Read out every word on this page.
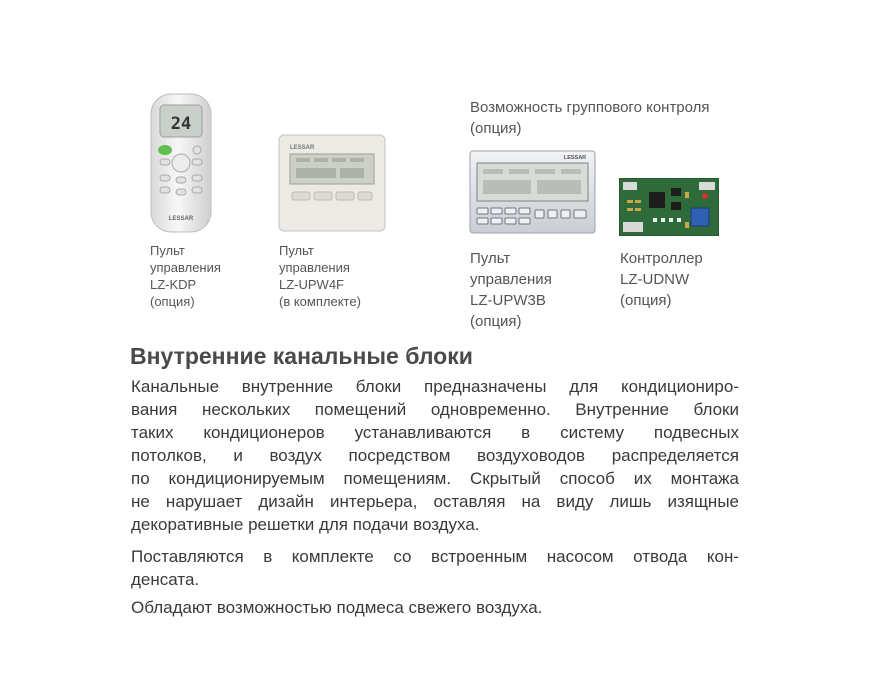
24
LESSAR
Пульт
управления
LZ-KDP
(опция)
LESSAR
Пульт
управления
LZ-UPW4F
(в комплекте)
Возможность группового контроля
(опция)
LESSAR
Пульт
управления
LZ-UPW3B
(опция)
Контроллер
LZ-UDNW
(опция)
Внутренние канальные блоки
Канальные внутренние блоки предназначены для кондициониро-
вания нескольких помещений одновременно. Внутренние блоки
таких кондиционеров устанавливаются в систему подвесных
потолков, и воздух посредством воздуховодов распределяется
по кондиционируемым помещениям. Скрытый способ их монтажа
не нарушает дизайн интерьера, оставляя на виду лишь изящные
декоративные решетки для подачи воздуха.
Поставляются в комплекте со встроенным насосом отвода кон-
денсата.
Обладают возможностью подмеса свежего воздуха.
